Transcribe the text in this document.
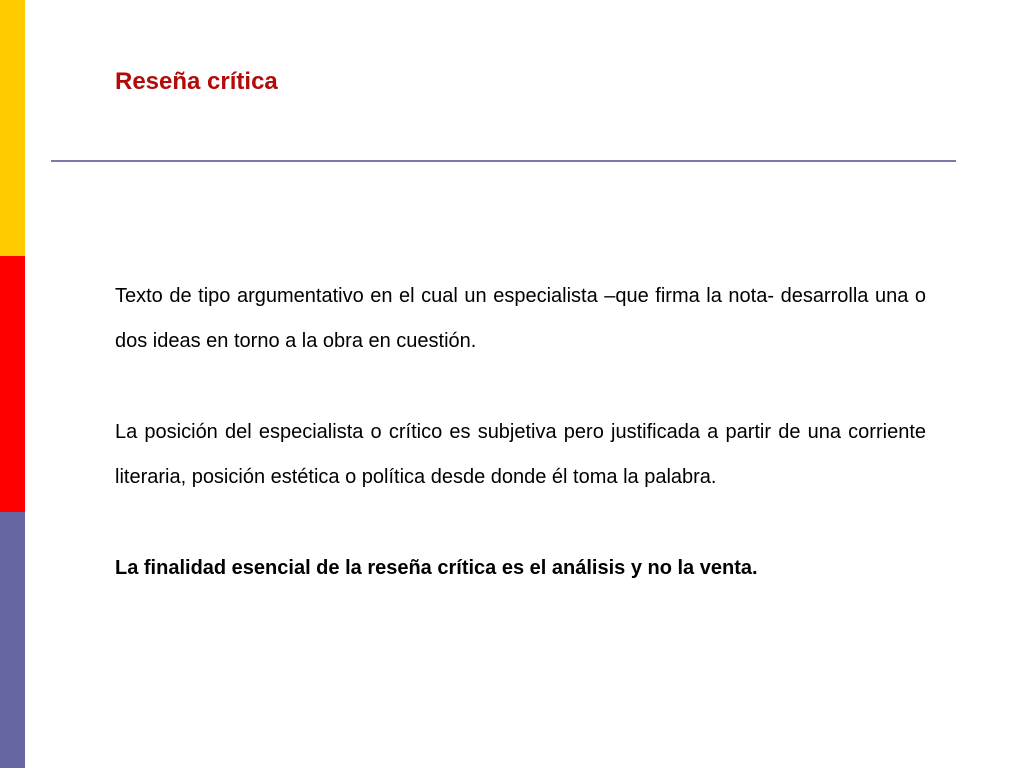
Reseña crítica

Texto de tipo argumentativo en el cual un especialista –que firma la nota- desarrolla una o dos ideas en torno a la obra en cuestión.

La posición del especialista o crítico es subjetiva pero justificada a partir de una corriente literaria, posición estética o política desde donde él toma la palabra.

La finalidad esencial de la reseña crítica es el análisis y no la venta.
